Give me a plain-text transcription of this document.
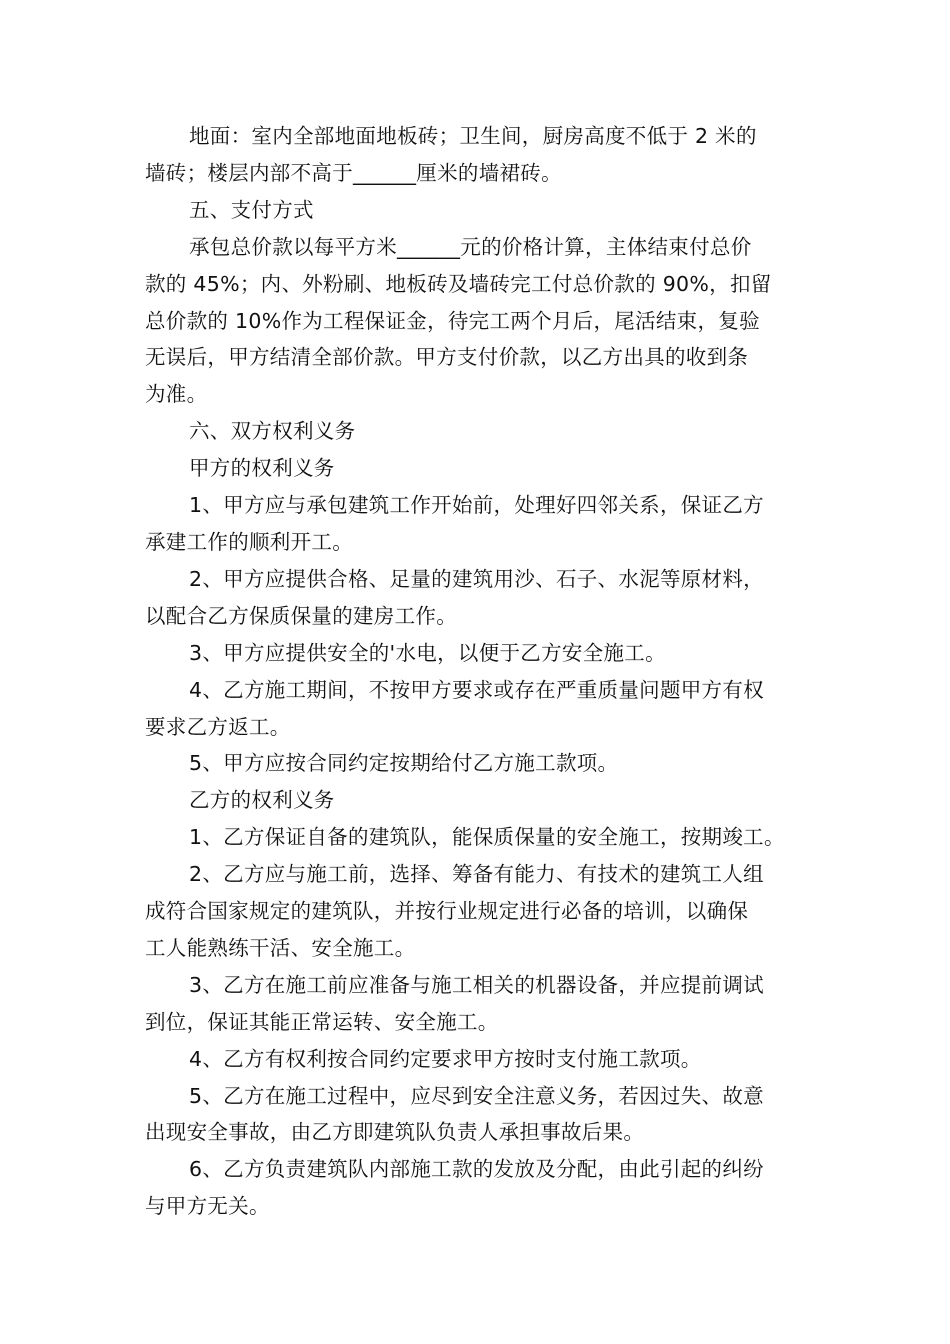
地面：室内全部地面地板砖；卫生间，厨房高度不低于 2 米的
墙砖；楼层内部不高于______厘米的墙裙砖。
五、支付方式
承包总价款以每平方米______元的价格计算，主体结束付总价
款的 45%；内、外粉刷、地板砖及墙砖完工付总价款的 90%，扣留
总价款的 10%作为工程保证金，待完工两个月后，尾活结束，复验
无误后，甲方结清全部价款。甲方支付价款，以乙方出具的收到条
为准。
六、双方权利义务
甲方的权利义务
1、甲方应与承包建筑工作开始前，处理好四邻关系，保证乙方
承建工作的顺利开工。
2、甲方应提供合格、足量的建筑用沙、石子、水泥等原材料，
以配合乙方保质保量的建房工作。
3、甲方应提供安全的'水电，以便于乙方安全施工。
4、乙方施工期间，不按甲方要求或存在严重质量问题甲方有权
要求乙方返工。
5、甲方应按合同约定按期给付乙方施工款项。
乙方的权利义务
1、乙方保证自备的建筑队，能保质保量的安全施工，按期竣工。
2、乙方应与施工前，选择、筹备有能力、有技术的建筑工人组
成符合国家规定的建筑队，并按行业规定进行必备的培训，以确保
工人能熟练干活、安全施工。
3、乙方在施工前应准备与施工相关的机器设备，并应提前调试
到位，保证其能正常运转、安全施工。
4、乙方有权利按合同约定要求甲方按时支付施工款项。
5、乙方在施工过程中，应尽到安全注意义务，若因过失、故意
出现安全事故，由乙方即建筑队负责人承担事故后果。
6、乙方负责建筑队内部施工款的发放及分配，由此引起的纠纷
与甲方无关。
